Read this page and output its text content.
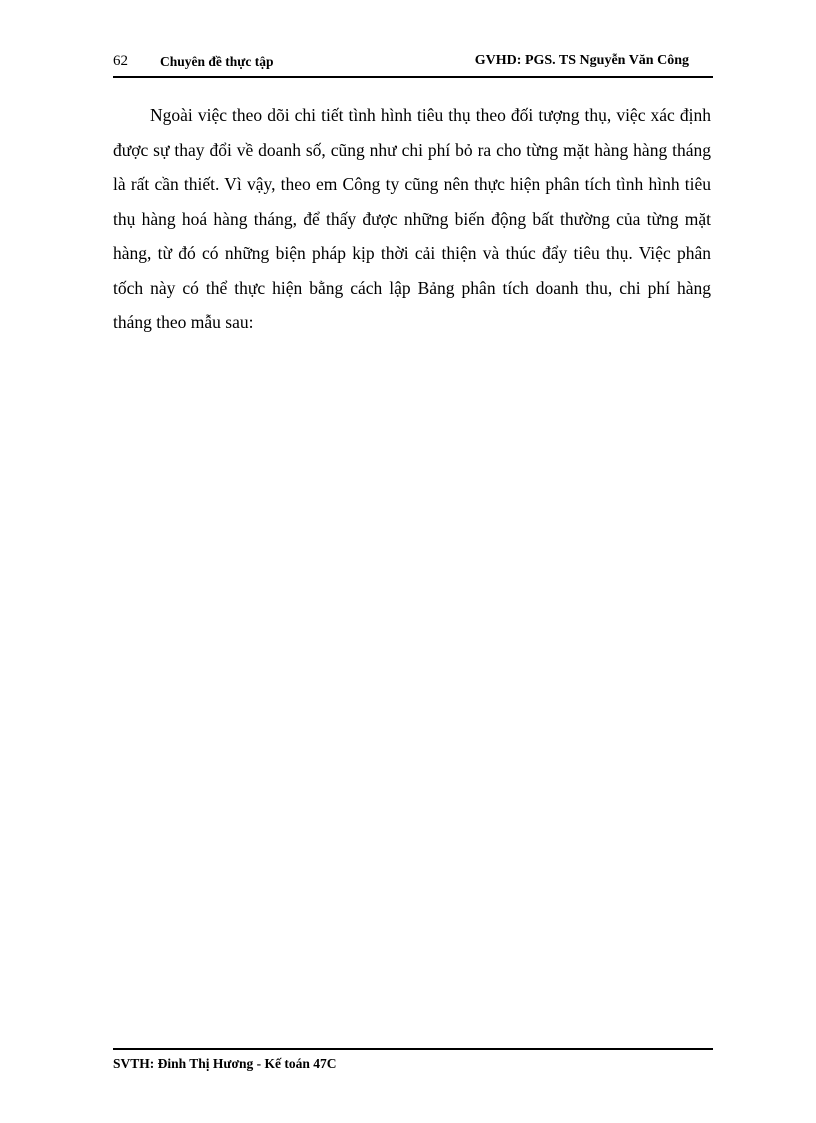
62 Chuyên đề thực tập	GVHD: PGS. TS Nguyễn Văn Công

Ngoài việc theo dõi chi tiết tình hình tiêu thụ theo đối tượng thụ, việc xác định được sự thay đổi về doanh số, cũng như chi phí bỏ ra cho từng mặt hàng hàng tháng là rất cần thiết. Vì vậy, theo em Công ty cũng nên thực hiện phân tích tình hình tiêu thụ hàng hoá hàng tháng, để thấy được những biến động bất thường của từng mặt hàng, từ đó có những biện pháp kịp thời cải thiện và thúc đẩy tiêu thụ. Việc phân tốch này có thể thực hiện bằng cách lập Bảng phân tích doanh thu, chi phí hàng tháng theo mẫu sau:

SVTH: Đinh Thị Hương - Kế toán 47C
